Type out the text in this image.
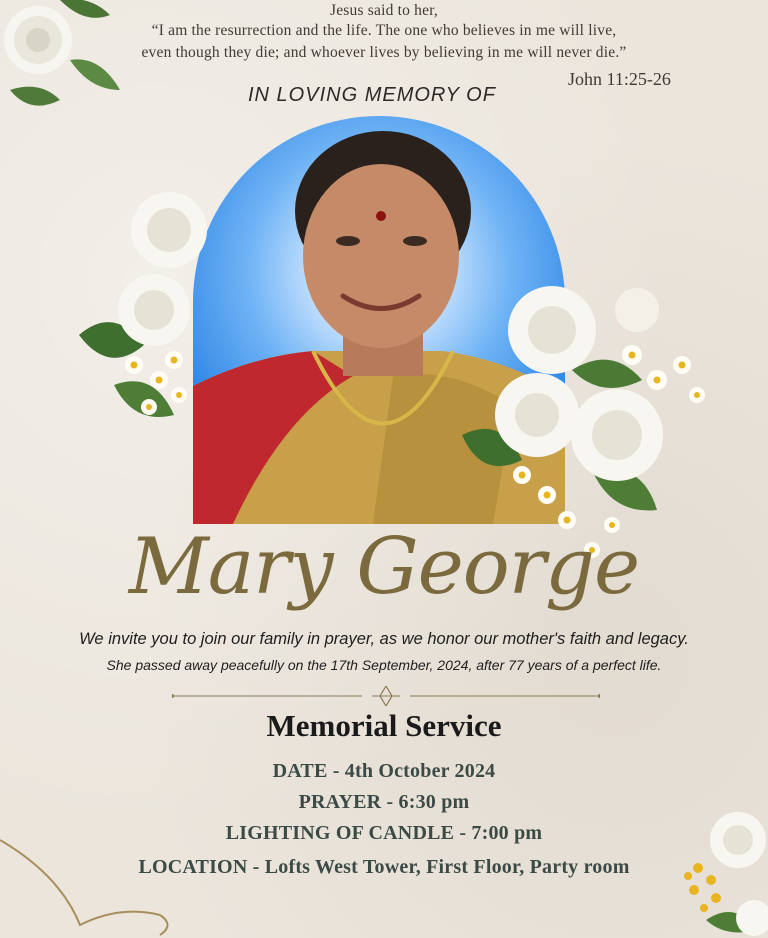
Jesus said to her,
“I am the resurrection and the life. The one who believes in me will live,
even though they die; and whoever lives by believing in me will never die.”
John 11:25-26
IN LOVING MEMORY OF
Mary George
We invite you to join our family in prayer, as we honor our mother's faith and legacy.
She passed away peacefully on the 17th September, 2024, after 77 years of a perfect life.
Memorial Service
DATE - 4th October 2024
PRAYER - 6:30 pm
LIGHTING OF CANDLE - 7:00 pm
LOCATION - Lofts West Tower, First Floor, Party room
